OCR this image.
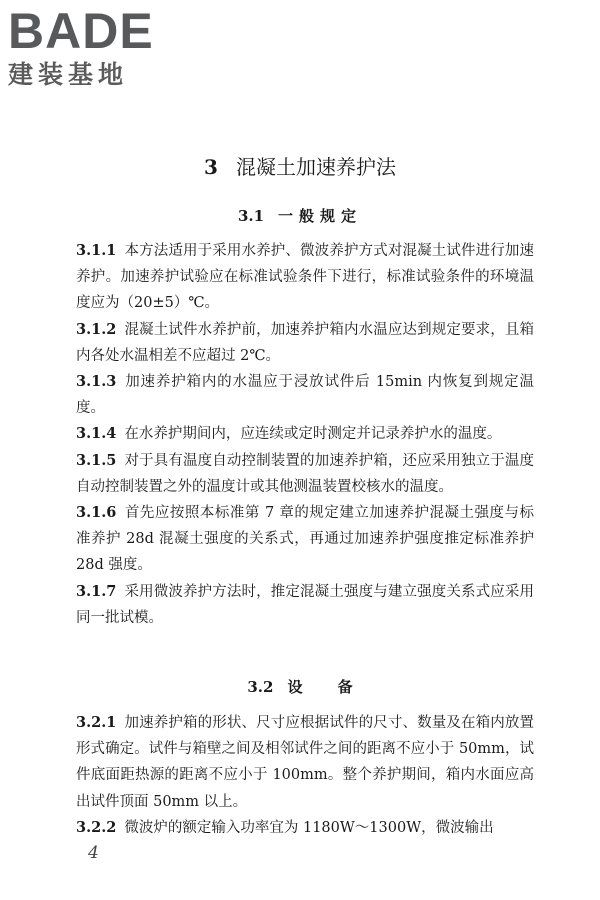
BADE
建装基地
3 混凝土加速养护法
3.1 一般规定

3.1.1 本方法适用于采用水养护、微波养护方式对混凝土试件进行加速养护。加速养护试验应在标准试验条件下进行，标准试验条件的环境温度应为（20±5）℃。

3.1.2 混凝土试件水养护前，加速养护箱内水温应达到规定要求，且箱内各处水温相差不应超过 2℃。

3.1.3 加速养护箱内的水温应于浸放试件后 15min 内恢复到规定温度。

3.1.4 在水养护期间内，应连续或定时测定并记录养护水的温度。

3.1.5 对于具有温度自动控制装置的加速养护箱，还应采用独立于温度自动控制装置之外的温度计或其他测温装置校核水的温度。

3.1.6 首先应按照本标准第 7 章的规定建立加速养护混凝土强度与标准养护 28d 混凝土强度的关系式，再通过加速养护强度推定标准养护 28d 强度。

3.1.7 采用微波养护方法时，推定混凝土强度与建立强度关系式应采用同一批试模。

3.2 设 备

3.2.1 加速养护箱的形状、尺寸应根据试件的尺寸、数量及在箱内放置形式确定。试件与箱壁之间及相邻试件之间的距离不应小于 50mm，试件底面距热源的距离不应小于 100mm。整个养护期间，箱内水面应高出试件顶面 50mm 以上。

3.2.2 微波炉的额定输入功率宜为 1180W～1300W，微波输出

4
